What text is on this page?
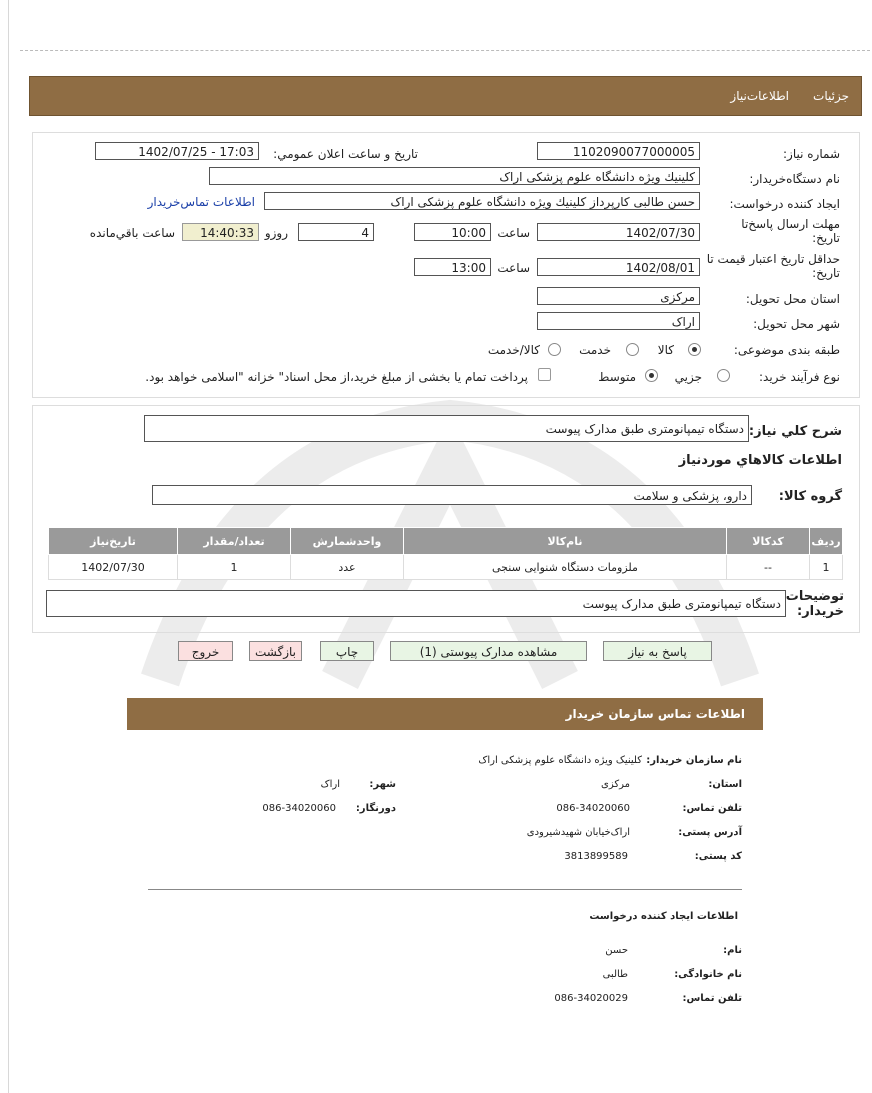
جزئيات
اطلاعات‌نياز
شماره نياز:
1102090077000005
تاريخ و ساعت اعلان عمومي:
1402/07/25 - 17:03
نام دستگاه‌خريدار:
كلينيك ویژه دانشگاه علوم پزشكی اراک
ايجاد كننده درخواست:
حسن طالبی کارپرداز كلينيك ویژه دانشگاه علوم پزشكی اراک
اطلاعات تماس‌خريدار
مهلت ارسال پاسخ‌تا تاريخ:
1402/07/30
ساعت
10:00
4
روزو
14:40:33
ساعت باقي‌مانده
حداقل تاريخ اعتبار قيمت تا تاريخ:
1402/08/01
ساعت
13:00
استان محل تحويل:
مركزی
شهر محل تحويل:
اراک
طبقه بندی موضوعی:
كالا
خدمت
كالا/خدمت
نوع فرآيند خريد:
جزيي
متوسط
پرداخت تمام يا بخشی از مبلغ خريد،از محل اسناد" خزانه "اسلامی خواهد بود.
شرح كلي نياز:
دستگاه تیمپانومتری طبق مدارک پیوست
اطلاعات كالاهاي موردنياز
گروه كالا:
دارو، پزشكی و سلامت
رديف	كدكالا	نام‌كالا	واحدشمارش	تعداد/مقدار	تاريخ‌نياز
1	--	ملزومات دستگاه شنوایی سنجی	عدد	1	1402/07/30
توضيحات خريدار:
دستگاه تیمپانومتری طبق مدارک پیوست
پاسخ به نياز
مشاهده مدارک پیوستی (1)
چاپ
بازگشت
خروج
اطلاعات تماس سازمان خريدار
نام سازمان خريدار:
کلینیک ویژه دانشگاه علوم پزشکی اراک
استان:
مركزی
شهر:
اراک
تلفن تماس:
086-34020060
دورنگار:
086-34020060
آدرس پستی:
اراک‌خیابان شهیدشیرودی
کد پستی:
3813899589
اطلاعات ايجاد كننده درخواست
نام:
حسن
نام خانوادگی:
طالبی
تلفن تماس:
086-34020029
